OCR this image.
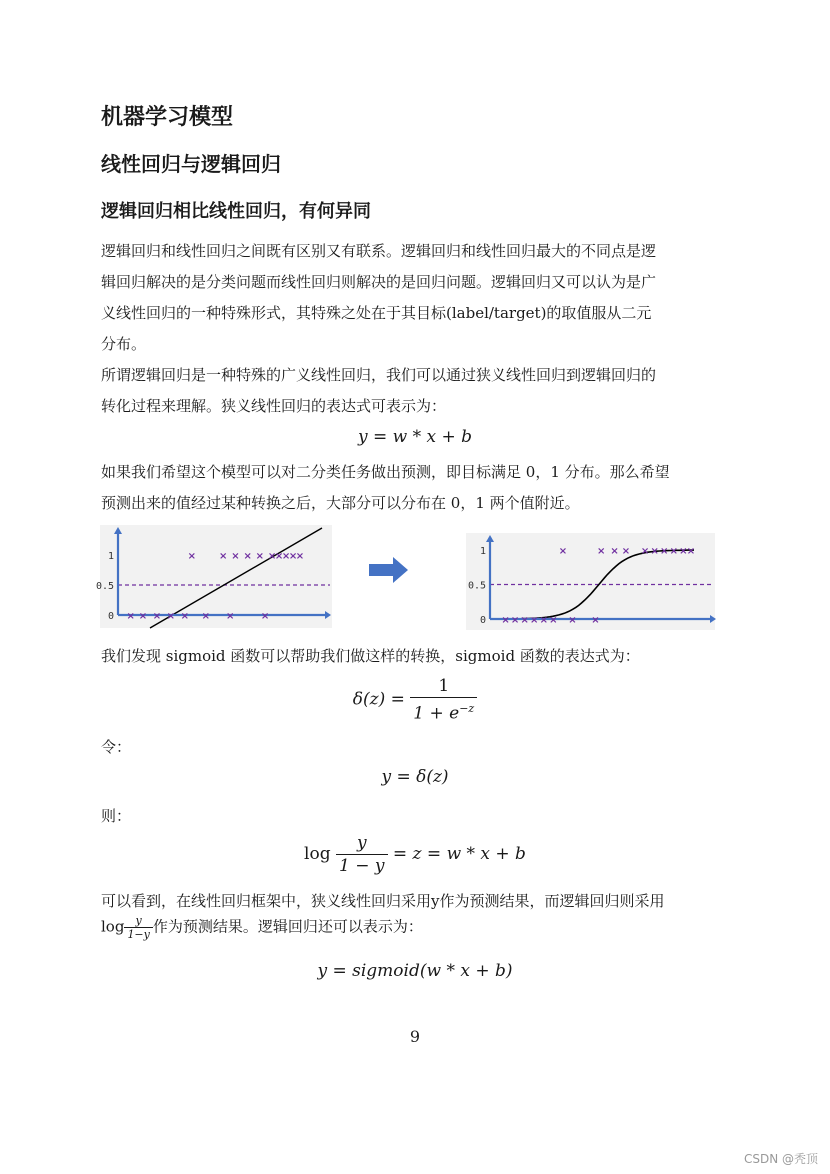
机器学习模型
线性回归与逻辑回归
逻辑回归相比线性回归，有何异同

逻辑回归和线性回归之间既有区别又有联系。逻辑回归和线性回归最大的不同点是逻

辑回归解决的是分类问题而线性回归则解决的是回归问题。逻辑回归又可以认为是广

义线性回归的一种特殊形式，其特殊之处在于其目标(label/target)的取值服从二元

分布。

所谓逻辑回归是一种特殊的广义线性回归，我们可以通过狭义线性回归到逻辑回归的

转化过程来理解。狭义线性回归的表达式可表示为：

y = w * x + b

如果我们希望这个模型可以对二分类任务做出预测，即目标满足 0，1 分布。那么希望

预测出来的值经过某种转换之后，大部分可以分布在 0，1 两个值附近。

1
0.5
0 × × × × × × ×	×
× × × × × ×
×
×
×
×	1
0.5
0 × × × × × × × ×
×	× × × × × × × × ×
我们发现 sigmoid 函数可以帮助我们做这样的转换，sigmoid 函数的表达式为：
$\delta(z) = \frac{1}{1 + e^{-z}}$
令：
y = δ(z)
则：
$\log \frac{y}{1 - y} = z = w * x + b$
可以看到，在线性回归框架中，狭义线性回归采用y作为预测结果，而逻辑回归则采用
$\log \frac{y}{1-y}$ 作为预测结果。逻辑回归还可以表示为：
y = sigmoid(w * x + b)
9
CSDN @秃顶
